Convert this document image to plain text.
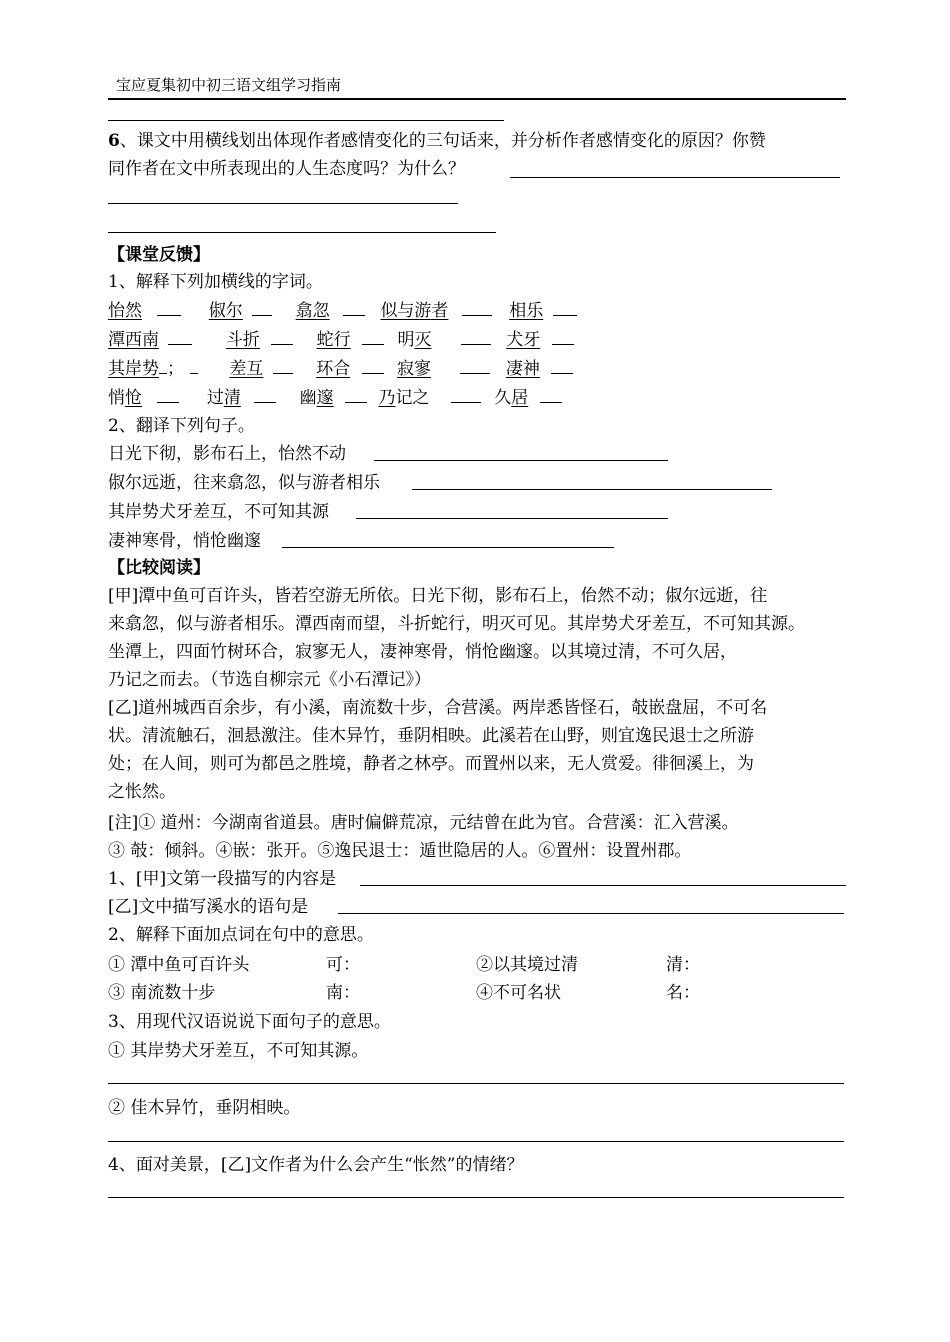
宝应夏集初中初三语文组学习指南
6、课文中用横线划出体现作者感情变化的三句话来，并分析作者感情变化的原因？你赞
同作者在文中所表现出的人生态度吗？为什么？
【课堂反馈】
1、解释下列加横线的字词。
怡然	俶尔	翕忽	似与游者	相乐
潭西南	斗折	蛇行	明灭	犬牙
其岸势 ；	差互	环合	寂寥	凄神
悄怆	过清	幽邃	乃记之	久居
2、翻译下列句子。
日光下彻，影布石上，怡然不动
俶尔远逝，往来翕忽，似与游者相乐
其岸势犬牙差互，不可知其源
凄神寒骨，悄怆幽邃
【比较阅读】
[甲]潭中鱼可百许头，皆若空游无所依。日光下彻，影布石上，佁然不动；俶尔远逝，往
来翕忽，似与游者相乐。潭西南而望，斗折蛇行，明灭可见。其岸势犬牙差互，不可知其源。
坐潭上，四面竹树环合，寂寥无人，凄神寒骨，悄怆幽邃。以其境过清，不可久居，
乃记之而去。（节选自柳宗元《小石潭记》）
[乙]道州城西百余步，有小溪，南流数十步，合营溪。两岸悉皆怪石，攲嵌盘屈，不可名
状。清流触石，洄悬激注。佳木异竹，垂阴相映。此溪若在山野，则宜逸民退士之所游
处；在人间，则可为都邑之胜境，静者之林亭。而置州以来，无人赏爱。徘徊溪上，为
之怅然。
[注]① 道州：今湖南省道县。唐时偏僻荒凉，元结曾在此为官。合营溪：汇入营溪。
③ 攲：倾斜。④嵌：张开。⑤逸民退士：遁世隐居的人。⑥置州：设置州郡。
1、[甲]文第一段描写的内容是
[乙]文中描写溪水的语句是
2、解释下面加点词在句中的意思。
① 潭中鱼可百许头	可：	②以其境过清	清：
③ 南流数十步	南：	④不可名状	名：
3、用现代汉语说说下面句子的意思。
① 其岸势犬牙差互，不可知其源。
② 佳木异竹，垂阴相映。
4、面对美景，[乙]文作者为什么会产生“怅然”的情绪？
